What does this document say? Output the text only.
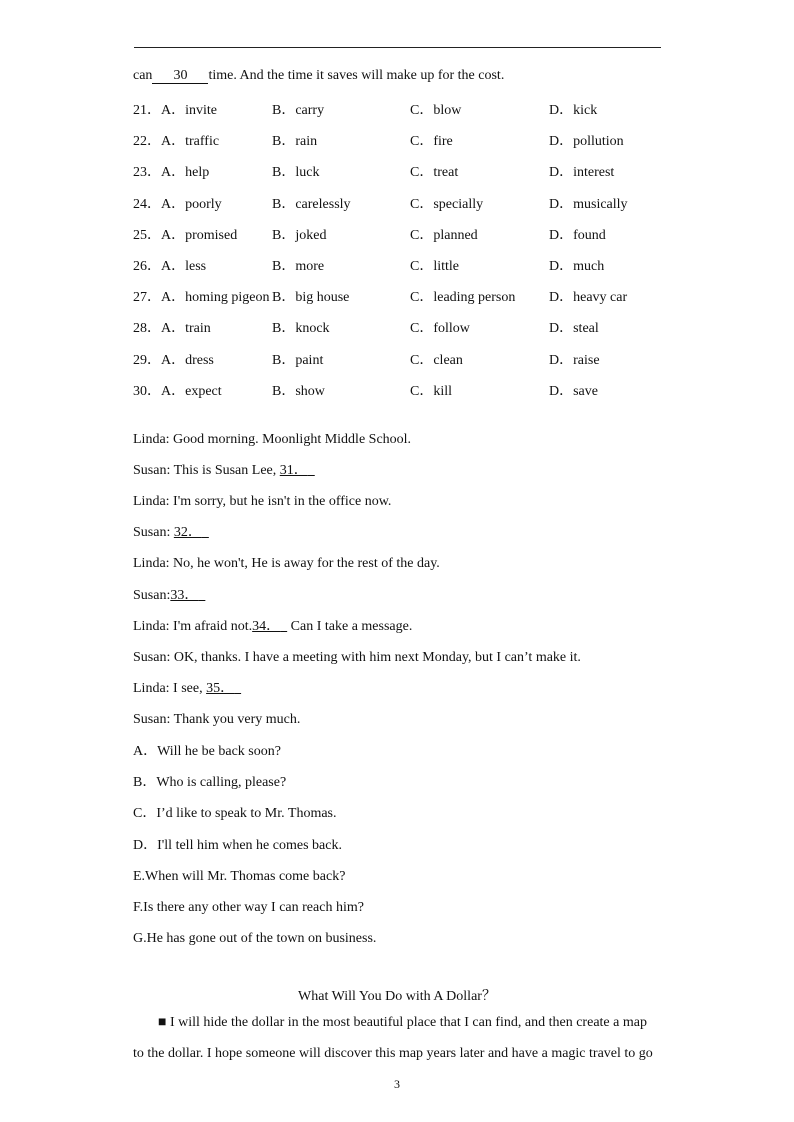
can 30 time. And the time it saves will make up for the cost.
21． A．invite	B．carry	C．blow	D．kick
22． A．traffic	B．rain	C．fire	D．pollution
23． A．help	B．luck	C．treat	D．interest
24． A．poorly	B．carelessly	C．specially	D．musically
25． A．promised B．joked	C．planned	D．found
26． A．less	B．more	C．little	D．much
27． A．homing pigeon B．big house	C．leading person D．heavy car
28． A．train	B．knock	C．follow	D．steal
29． A．dress	B．paint	C．clean	D．raise
30． A．expect	B．show	C．kill	D．save
Linda: Good morning. Moonlight Middle School.
Susan: This is Susan Lee, 31．
Linda: I'm sorry, but he isn't in the office now.
Susan: 32．
Linda: No, he won't, He is away for the rest of the day.
Susan:33．
Linda: I'm afraid not.34．   Can I take a message.
Susan: OK, thanks. I have a meeting with him next Monday, but I can’t make it.
Linda: I see, 35．
Susan: Thank you very much.
A．Will he be back soon?
B．Who is calling, please?
C．I’d like to speak to Mr. Thomas.
D．I'll tell him when he comes back.
E.When will Mr. Thomas come back?
F.Is there any other way I can reach him?
G.He has gone out of the town on business.
What Will You Do with A Dollar？
■ I will hide the dollar in the most beautiful place that I can find, and then create a map
to the dollar. I hope someone will discover this map years later and have a magic travel to go
3
